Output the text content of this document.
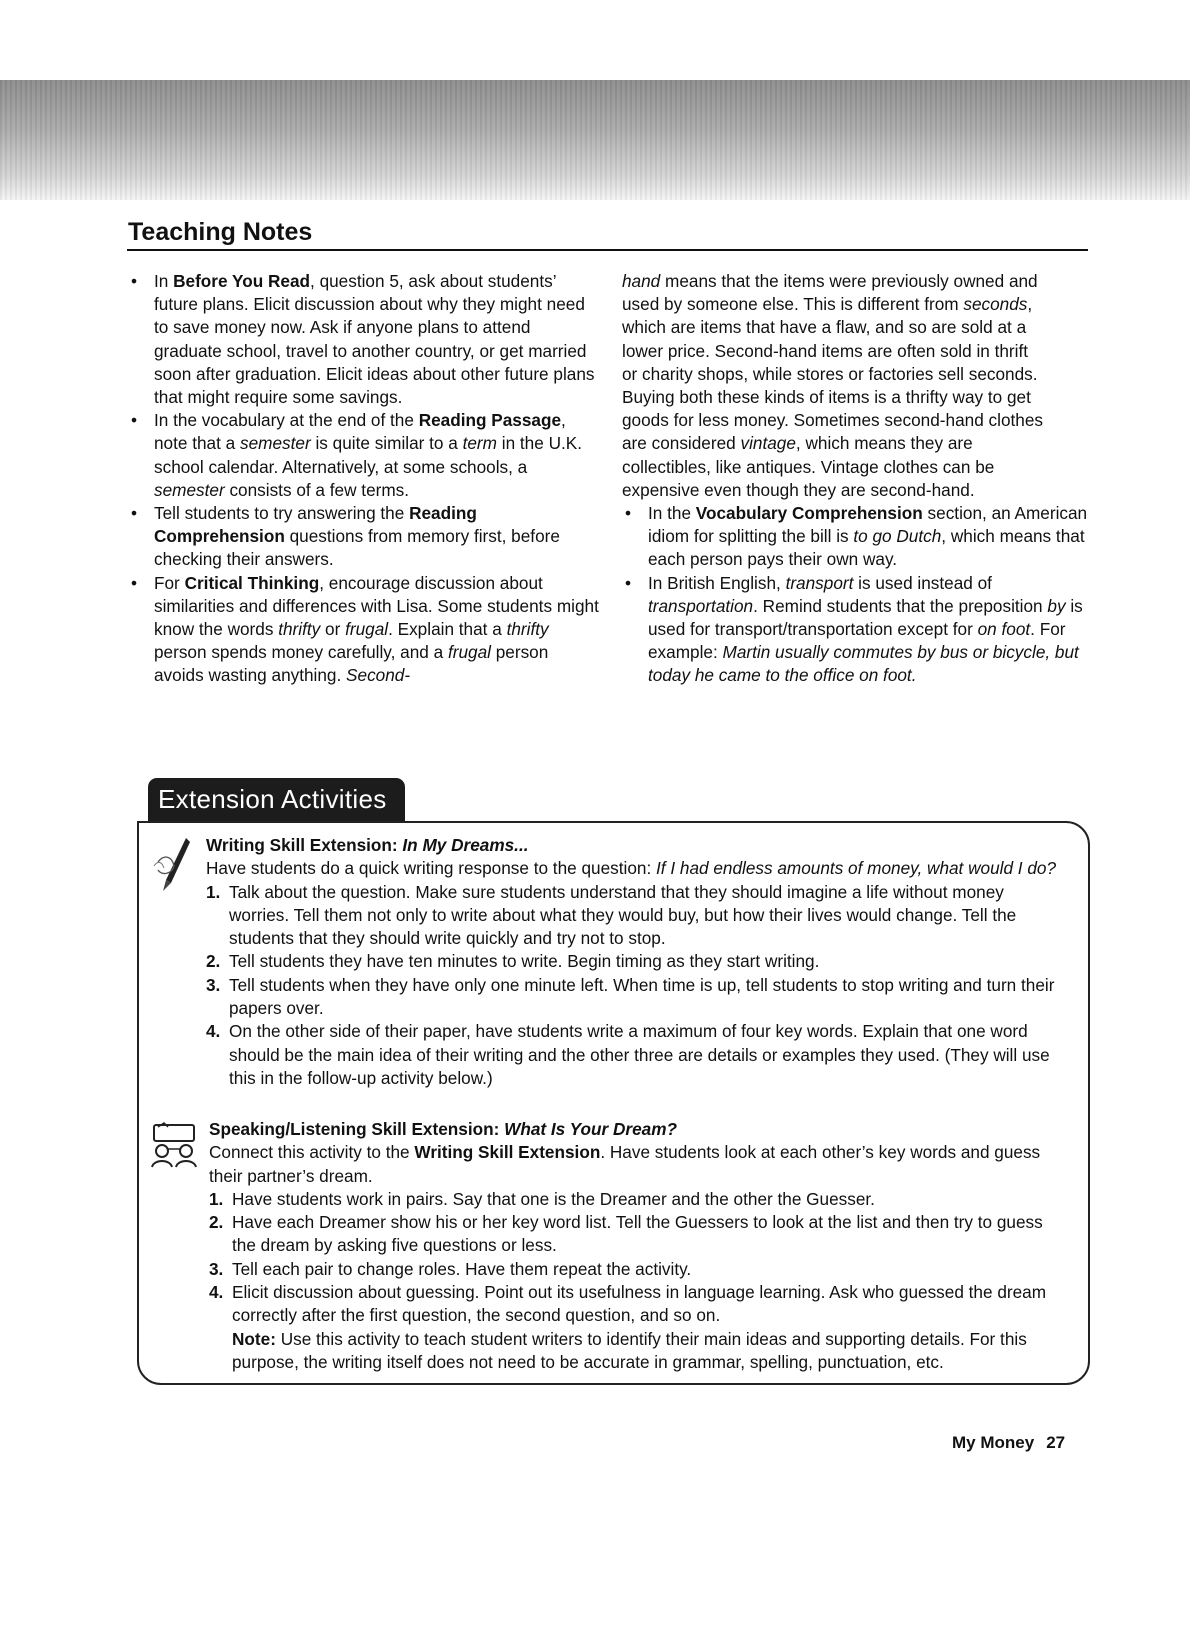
Teaching Notes
• In Before You Read, question 5, ask about students’ future plans. Elicit discussion about why they might need to save money now. Ask if anyone plans to attend graduate school, travel to another country, or get married soon after graduation. Elicit ideas about other future plans that might require some savings.
• In the vocabulary at the end of the Reading Passage, note that a semester is quite similar to a term in the U.K. school calendar. Alternatively, at some schools, a semester consists of a few terms.
• Tell students to try answering the Reading Comprehension questions from memory first, before checking their answers.
• For Critical Thinking, encourage discussion about similarities and differences with Lisa. Some students might know the words thrifty or frugal. Explain that a thrifty person spends money carefully, and a frugal person avoids wasting anything. Second-
hand means that the items were previously owned and used by someone else. This is different from seconds, which are items that have a flaw, and so are sold at a lower price. Second-hand items are often sold in thrift or charity shops, while stores or factories sell seconds. Buying both these kinds of items is a thrifty way to get goods for less money. Sometimes second-hand clothes are considered vintage, which means they are collectibles, like antiques. Vintage clothes can be expensive even though they are second-hand.
• In the Vocabulary Comprehension section, an American idiom for splitting the bill is to go Dutch, which means that each person pays their own way.
• In British English, transport is used instead of transportation. Remind students that the preposition by is used for transport/transportation except for on foot. For example: Martin usually commutes by bus or bicycle, but today he came to the office on foot.
Extension Activities
Writing Skill Extension: In My Dreams...
Have students do a quick writing response to the question: If I had endless amounts of money, what would I do?
1. Talk about the question. Make sure students understand that they should imagine a life without money worries. Tell them not only to write about what they would buy, but how their lives would change. Tell the students that they should write quickly and try not to stop.
2. Tell students they have ten minutes to write. Begin timing as they start writing.
3. Tell students when they have only one minute left. When time is up, tell students to stop writing and turn their papers over.
4. On the other side of their paper, have students write a maximum of four key words. Explain that one word should be the main idea of their writing and the other three are details or examples they used. (They will use this in the follow-up activity below.)
Speaking/Listening Skill Extension: What Is Your Dream?
Connect this activity to the Writing Skill Extension. Have students look at each other’s key words and guess their partner’s dream.
1. Have students work in pairs. Say that one is the Dreamer and the other the Guesser.
2. Have each Dreamer show his or her key word list. Tell the Guessers to look at the list and then try to guess the dream by asking five questions or less.
3. Tell each pair to change roles. Have them repeat the activity.
4. Elicit discussion about guessing. Point out its usefulness in language learning. Ask who guessed the dream correctly after the first question, the second question, and so on.
Note: Use this activity to teach student writers to identify their main ideas and supporting details. For this purpose, the writing itself does not need to be accurate in grammar, spelling, punctuation, etc.

My Money 27
